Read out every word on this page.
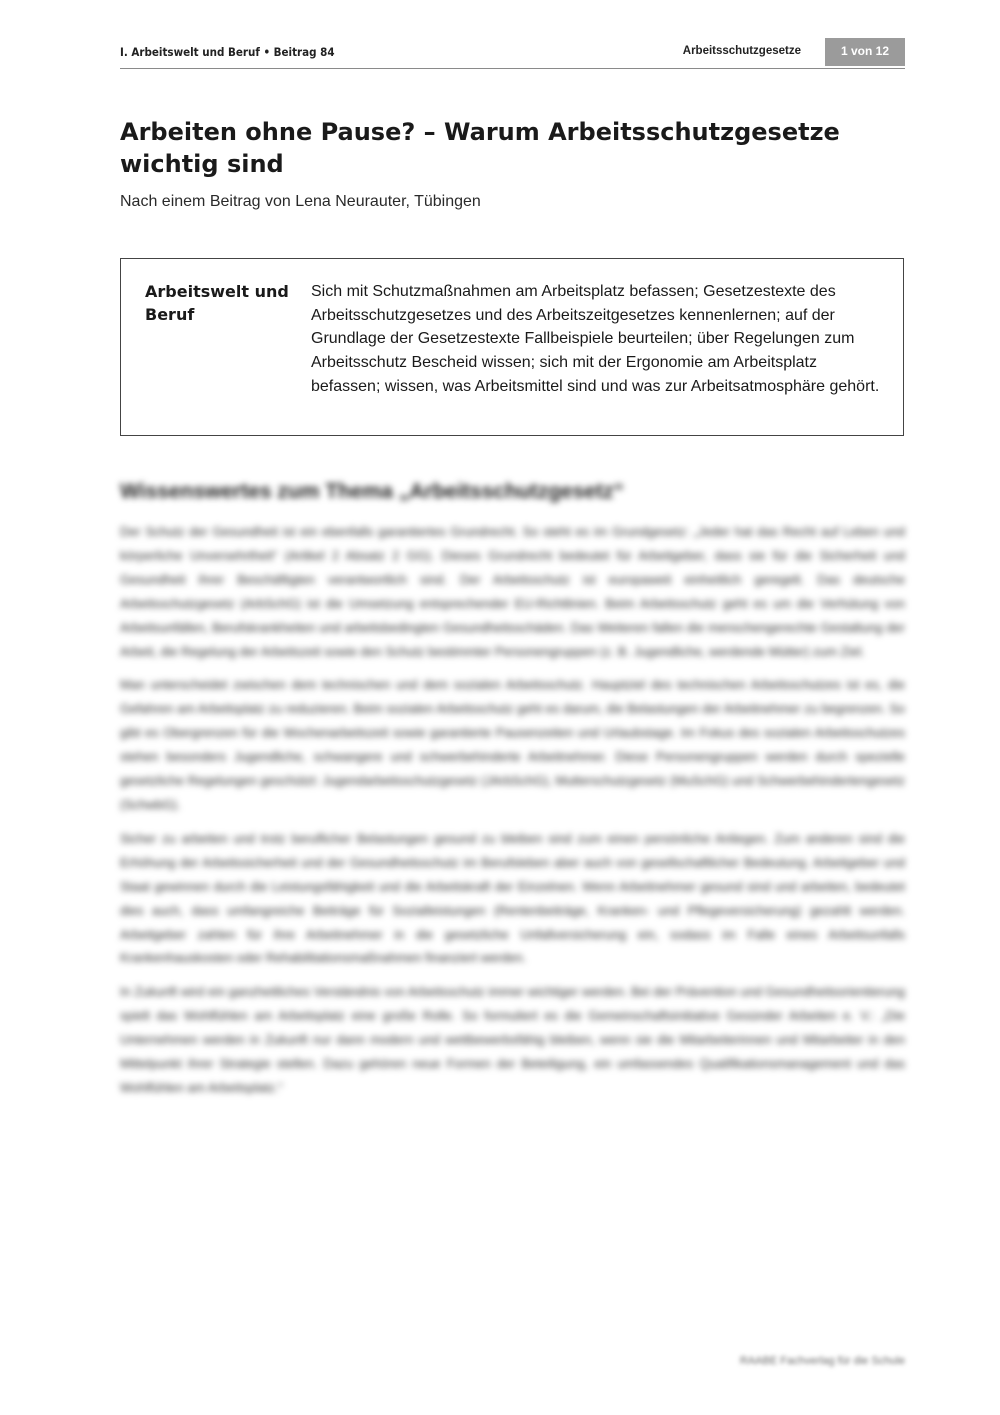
I. Arbeitswelt und Beruf • Beitrag 84	Arbeitsschutzgesetze	1 von 12
Arbeiten ohne Pause? – Warum Arbeitsschutzgesetze wichtig sind
Nach einem Beitrag von Lena Neurauter, Tübingen
Arbeitswelt und Beruf
Sich mit Schutzmaßnahmen am Arbeitsplatz befassen; Gesetzestexte des Arbeitsschutzgesetzes und des Arbeitszeitgesetzes kennenlernen; auf der Grundlage der Gesetzestexte Fallbeispiele beurteilen; über Regelungen zum Arbeitsschutz Bescheid wissen; sich mit der Ergonomie am Arbeitsplatz befassen; wissen, was Arbeitsmittel sind und was zur Arbeitsatmosphäre gehört.
Wissenswertes zum Thema „Arbeitsschutzgesetz“

Der Schutz der Gesundheit ist ein ebenfalls garantiertes Grundrecht. So steht es im Grundgesetz: „Jeder hat das Recht auf Leben und körperliche Unversehrtheit“ (Artikel 2 Absatz 2 GG). Dieses Grundrecht bedeutet für Arbeitgeber, dass sie für die Sicherheit und Gesundheit ihrer Beschäftigten verantwortlich sind. Der Arbeitsschutz ist europaweit einheitlich geregelt. Das deutsche Arbeitsschutzgesetz (ArbSchG) ist die Umsetzung entsprechender EU-Richtlinien. Beim Arbeitsschutz geht es um die Verhütung von Arbeitsunfällen, Berufskrankheiten und arbeitsbedingten Gesundheitsschäden. Das Weiteren fallen die menschengerechte Gestaltung der Arbeit, die Regelung der Arbeitszeit sowie den Schutz bestimmter Personengruppen (z. B. Jugendliche, werdende Mütter) zum Ziel.

Man unterscheidet zwischen dem technischen und dem sozialen Arbeitsschutz. Hauptziel des technischen Arbeitsschutzes ist es, die Gefahren am Arbeitsplatz zu reduzieren. Beim sozialen Arbeitsschutz geht es darum, die Belastungen der Arbeitnehmer zu begrenzen. So gibt es Obergrenzen für die Wochenarbeitszeit sowie garantierte Pausenzeiten und Urlaubstage. Im Fokus des sozialen Arbeitsschutzes stehen besonders Jugendliche, schwangere und schwerbehinderte Arbeitnehmer. Diese Personengruppen werden durch spezielle gesetzliche Regelungen geschützt: Jugendarbeitsschutzgesetz (JArbSchG), Mutterschutzgesetz (MuSchG) und Schwerbehindertengesetz (SchwbG).

Sicher zu arbeiten und trotz beruflicher Belastungen gesund zu bleiben sind zum einen persönliche Anliegen. Zum anderen sind die Erhöhung der Arbeitssicherheit und der Gesundheitsschutz im Berufsleben aber auch von gesellschaftlicher Bedeutung. Arbeitgeber und Staat gewinnen durch die Leistungsfähigkeit und die Arbeitskraft der Einzelnen. Wenn Arbeitnehmer gesund sind und arbeiten, bedeutet dies auch, dass umfangreiche Beiträge für Sozialleistungen (Rentenbeiträge, Kranken- und Pflegeversicherung) gezahlt werden. Arbeitgeber zahlen für ihre Arbeitnehmer in die gesetzliche Unfallversicherung ein, sodass im Falle eines Arbeitsunfalls Krankenhauskosten oder Rehabilitationsmaßnahmen finanziert werden.

In Zukunft wird ein ganzheitliches Verständnis von Arbeitsschutz immer wichtiger werden. Bei der Prävention und Gesundheitsorientierung spielt das Wohlfühlen am Arbeitsplatz eine große Rolle. So formuliert es die Gemeinschaftsinitiative Gesünder Arbeiten e. V.: „Die Unternehmen werden in Zukunft nur dann modern und wettbewerbsfähig bleiben, wenn sie die Mitarbeiterinnen und Mitarbeiter in den Mittelpunkt ihrer Strategie stellen. Dazu gehören neue Formen der Beteiligung, ein umfassendes Qualifikationsmanagement und das Wohlfühlen am Arbeitsplatz.“

RAABE Fachverlag für die Schule
